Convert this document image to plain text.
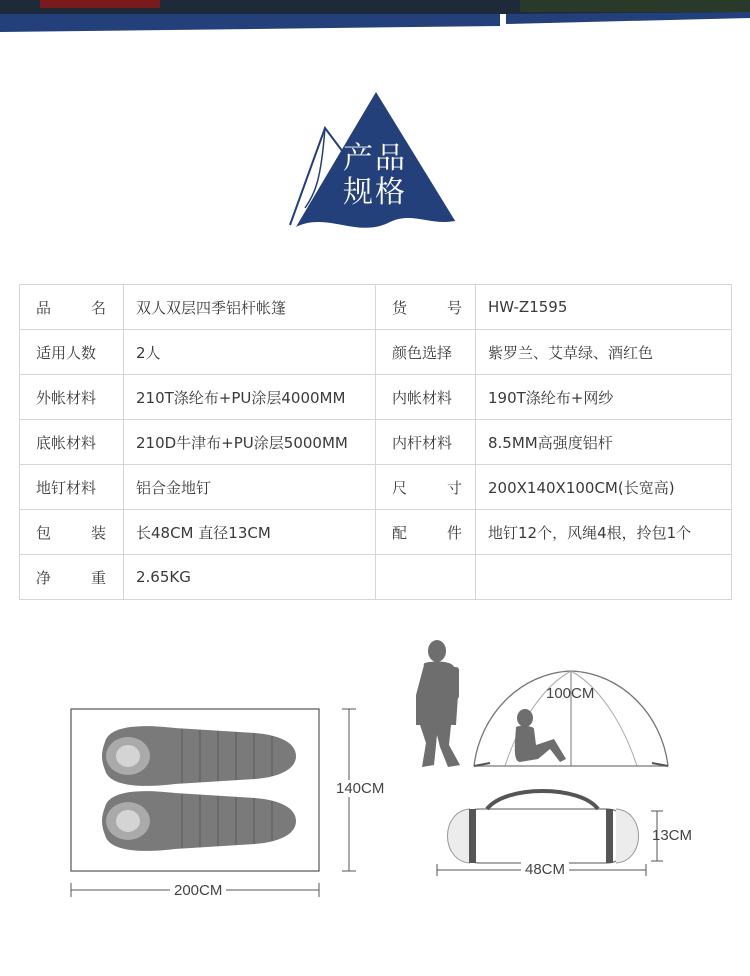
产品
规格
品 名	双人双层四季铝杆帐篷	货 号	HW-Z1595
适用人数	2人	颜色选择	紫罗兰、艾草绿、酒红色
外帐材料	210T涤纶布+PU涂层4000MM	内帐材料	190T涤纶布+网纱
底帐材料	210D牛津布+PU涂层5000MM	内杆材料	8.5MM高强度铝杆
地钉材料	铝合金地钉	尺 寸	200X140X100CM(长宽高)

包 装	长48CM 直径13CM	配 件	地钉12个，风绳4根，拎包1个

净 重	2.65KG		
140CM
200CM
100CM
13CM
48CM
